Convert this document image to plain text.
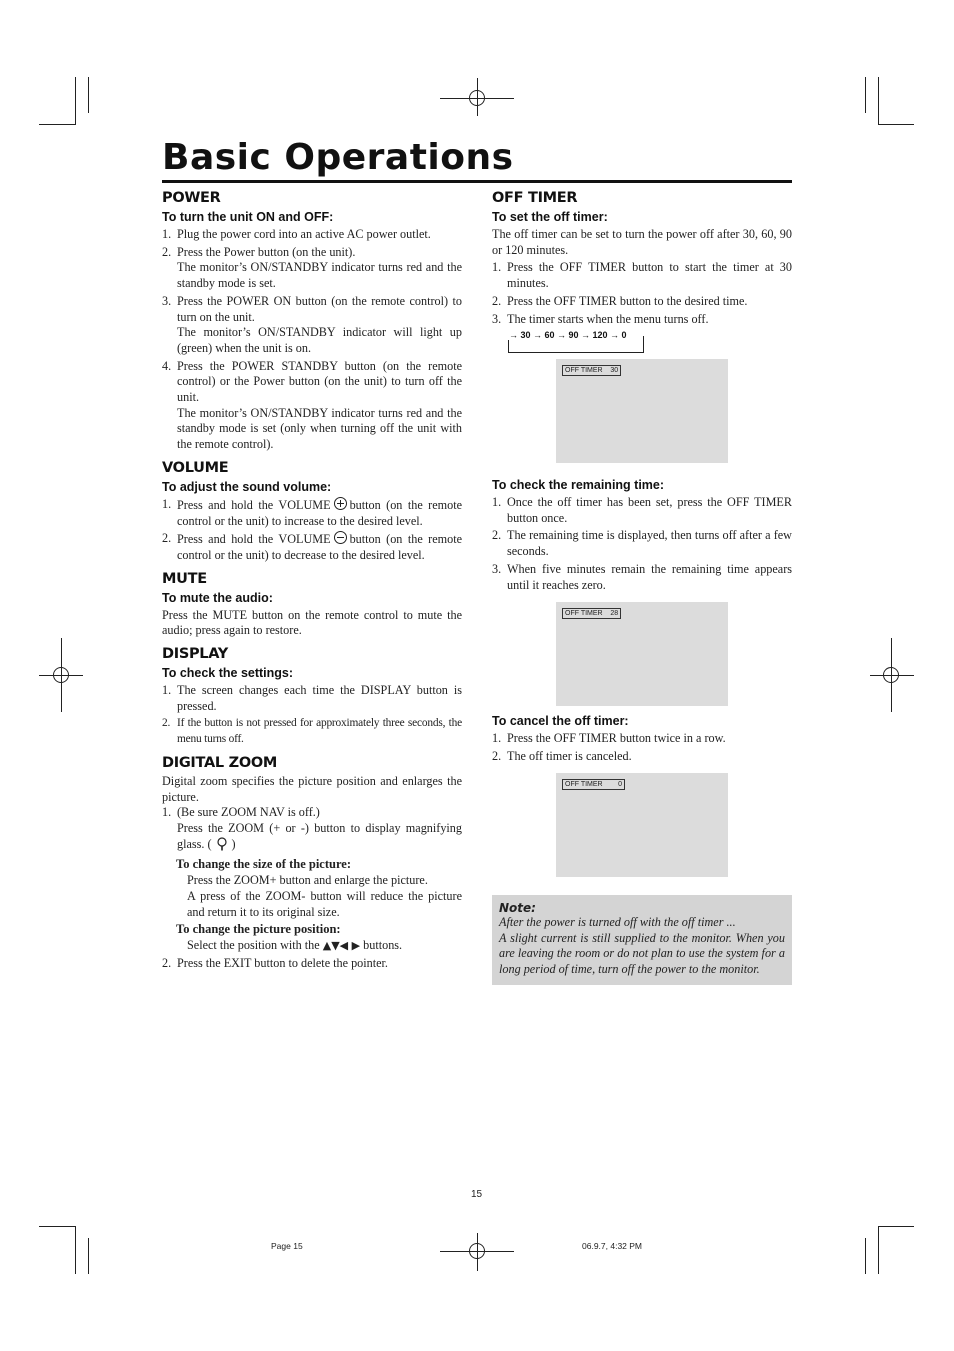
Basic Operations
POWER
To turn the unit ON and OFF:
1. Plug the power cord into an active AC power outlet.
2. Press the Power button (on the unit).
The monitor’s ON/STANDBY indicator turns red and the standby mode is set.
3. Press the POWER ON button (on the remote control) to turn on the unit.
The monitor’s ON/STANDBY indicator will light up (green) when the unit is on.
4. Press the POWER STANDBY button (on the remote control) or the Power button (on the unit) to turn off the unit.
The monitor’s ON/STANDBY indicator turns red and the standby mode is set (only when turning off the unit with the remote control).
VOLUME
To adjust the sound volume:
1. Press and hold the VOLUME button (on the remote control or the unit) to increase to the desired level.
2. Press and hold the VOLUME button (on the remote control or the unit) to decrease to the desired level.
MUTE
To mute the audio:

Press the MUTE button on the remote control to mute the audio; press again to restore.

DISPLAY
To check the settings:
1. The screen changes each time the DISPLAY button is pressed.
2. If the button is not pressed for approximately three seconds, the menu turns off.
DIGITAL ZOOM

Digital zoom specifies the picture position and enlarges the picture.

1. (Be sure ZOOM NAV is off.)
Press the ZOOM (+ or -) button to display magnifying glass. ( )
To change the size of the picture:
Press the ZOOM+ button and enlarge the picture.
A press of the ZOOM- button will reduce the picture and return it to its original size.
To change the picture position:
Select the position with the ▲▼◀ ▶ buttons.
2. Press the EXIT button to delete the pointer.
OFF TIMER
To set the off timer:

The off timer can be set to turn the power off after 30, 60, 90 or 120 minutes.

1. Press the OFF TIMER button to start the timer at 30 minutes.
2. Press the OFF TIMER button to the desired time.
3. The timer starts when the menu turns off.
→ 30 → 60 → 90 → 120 → 0
OFF TIMER    30
To check the remaining time:
1. Once the off timer has been set, press the OFF TIMER button once.
2. The remaining time is displayed, then turns off after a few seconds.
3. When five minutes remain the remaining time appears until it reaches zero.
OFF TIMER    28
To cancel the off timer:
1. Press the OFF TIMER button twice in a row.
2. The off timer is canceled.
OFF TIMER        0
Note:
After the power is turned off with the off timer ...
A slight current is still supplied to the monitor. When you are leaving the room or do not plan to use the system for a long period of time, turn off the power to the monitor.
15
Page 15	06.9.7, 4:32 PM
